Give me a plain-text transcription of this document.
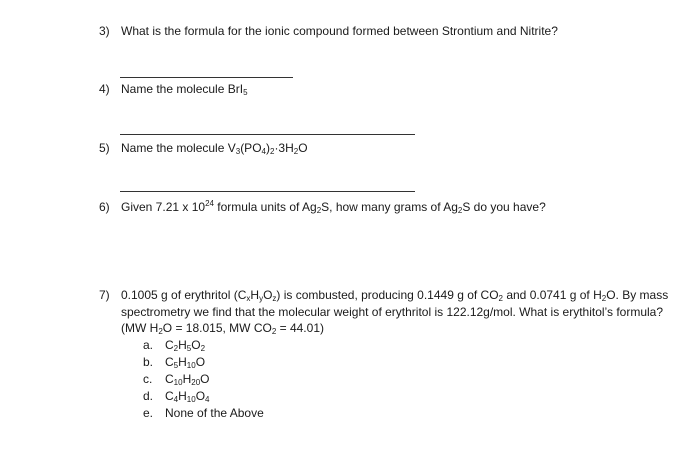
3) What is the formula for the ionic compound formed between Strontium and Nitrite?
4) Name the molecule BrI$_5$
5) Name the molecule $V_3(PO_4)_2\cdot 3H_2O$
6) Given 7.21 x $10^{24}$ formula units of $Ag_2S$, how many grams of $Ag_2S$ do you have?
7) 0.1005 g of erythritol $(C_xH_yO_z)$ is combusted, producing 0.1449 g of $CO_2$ and 0.0741 g of $H_2O$. By mass spectrometry we find that the molecular weight of erythritol is 122.12g/mol. What is erythitol’s formula? (MW $H_2O = 18.015$, MW $CO_2 = 44.01$)
a. $C_2H_5O_2$
b. $C_5H_{10}O$
c. $C_{10}H_{20}O$
d. $C_4H_{10}O_4$
e. None of the Above
